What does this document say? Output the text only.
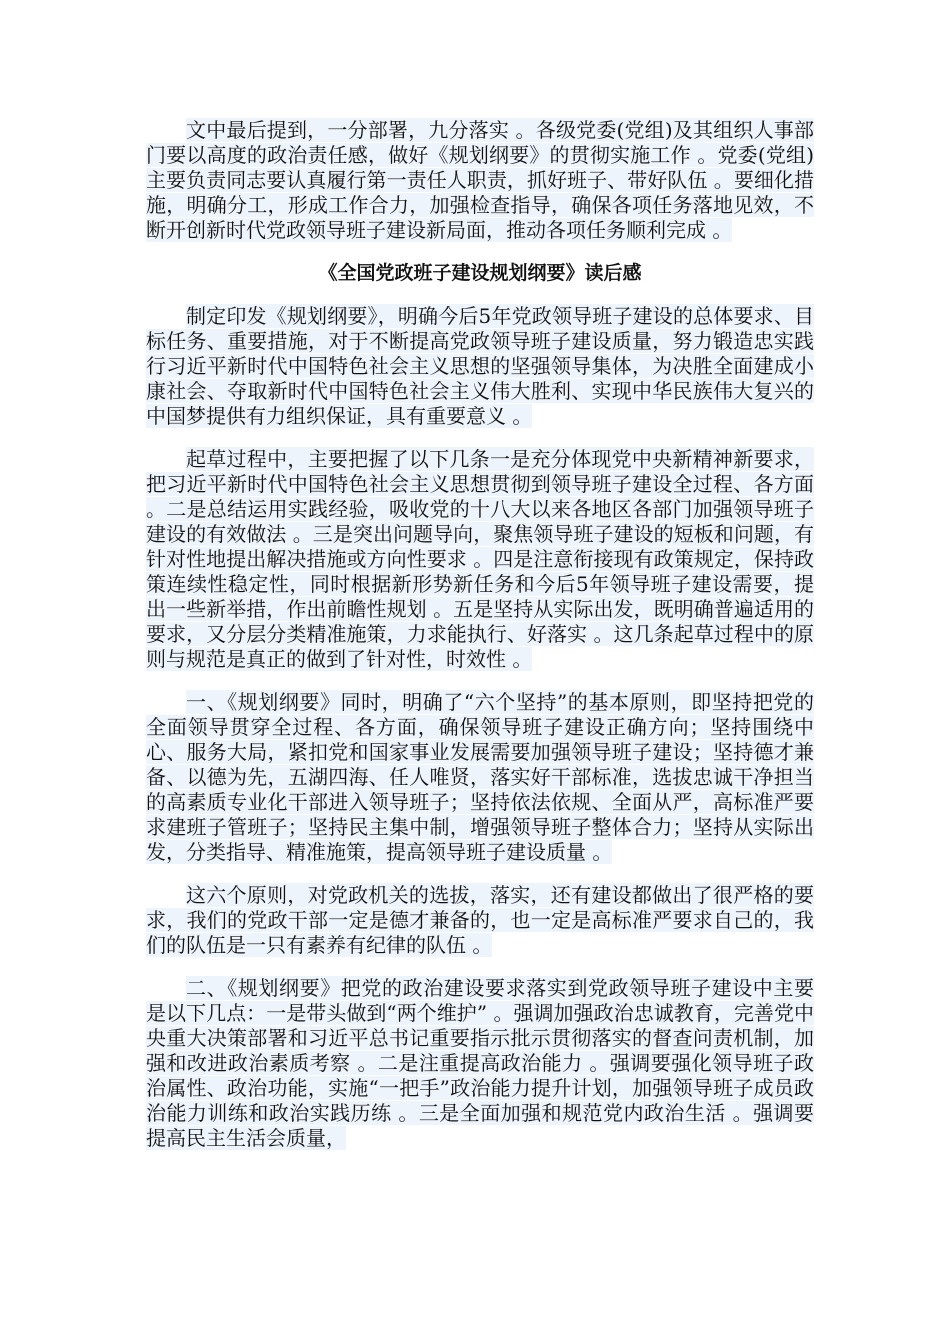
文中最后提到，一分部署，九分落实 。各级党委(党组)及其组织人事部门要以高度的政治责任感，做好《规划纲要》的贯彻实施工作 。党委(党组)主要负责同志要认真履行第一责任人职责，抓好班子、带好队伍 。要细化措施，明确分工，形成工作合力，加强检查指导，确保各项任务落地见效，不断开创新时代党政领导班子建设新局面，推动各项任务顺利完成 。

《全国党政班子建设规划纲要》读后感

制定印发《规划纲要》，明确今后5年党政领导班子建设的总体要求、目标任务、重要措施，对于不断提高党政领导班子建设质量，努力锻造忠实践行习近平新时代中国特色社会主义思想的坚强领导集体，为决胜全面建成小康社会、夺取新时代中国特色社会主义伟大胜利、实现中华民族伟大复兴的中国梦提供有力组织保证，具有重要意义 。

起草过程中，主要把握了以下几条一是充分体现党中央新精神新要求，把习近平新时代中国特色社会主义思想贯彻到领导班子建设全过程、各方面 。二是总结运用实践经验，吸收党的十八大以来各地区各部门加强领导班子建设的有效做法 。三是突出问题导向，聚焦领导班子建设的短板和问题，有针对性地提出解决措施或方向性要求 。四是注意衔接现有政策规定，保持政策连续性稳定性，同时根据新形势新任务和今后5年领导班子建设需要，提出一些新举措，作出前瞻性规划 。五是坚持从实际出发，既明确普遍适用的要求，又分层分类精准施策，力求能执行、好落实 。这几条起草过程中的原则与规范是真正的做到了针对性，时效性 。

一、《规划纲要》同时，明确了“六个坚持”的基本原则，即坚持把党的全面领导贯穿全过程、各方面，确保领导班子建设正确方向；坚持围绕中心、服务大局，紧扣党和国家事业发展需要加强领导班子建设；坚持德才兼备、以德为先，五湖四海、任人唯贤，落实好干部标准，选拔忠诚干净担当的高素质专业化干部进入领导班子；坚持依法依规、全面从严，高标准严要求建班子管班子；坚持民主集中制，增强领导班子整体合力；坚持从实际出发，分类指导、精准施策，提高领导班子建设质量 。

这六个原则，对党政机关的选拔，落实，还有建设都做出了很严格的要求，我们的党政干部一定是德才兼备的，也一定是高标准严要求自己的，我们的队伍是一只有素养有纪律的队伍 。

二、《规划纲要》把党的政治建设要求落实到党政领导班子建设中主要是以下几点：一是带头做到“两个维护” 。强调加强政治忠诚教育，完善党中央重大决策部署和习近平总书记重要指示批示贯彻落实的督查问责机制，加强和改进政治素质考察 。二是注重提高政治能力 。强调要强化领导班子政治属性、政治功能，实施“一把手”政治能力提升计划，加强领导班子成员政治能力训练和政治实践历练 。三是全面加强和规范党内政治生活 。强调要提高民主生活会质量，
